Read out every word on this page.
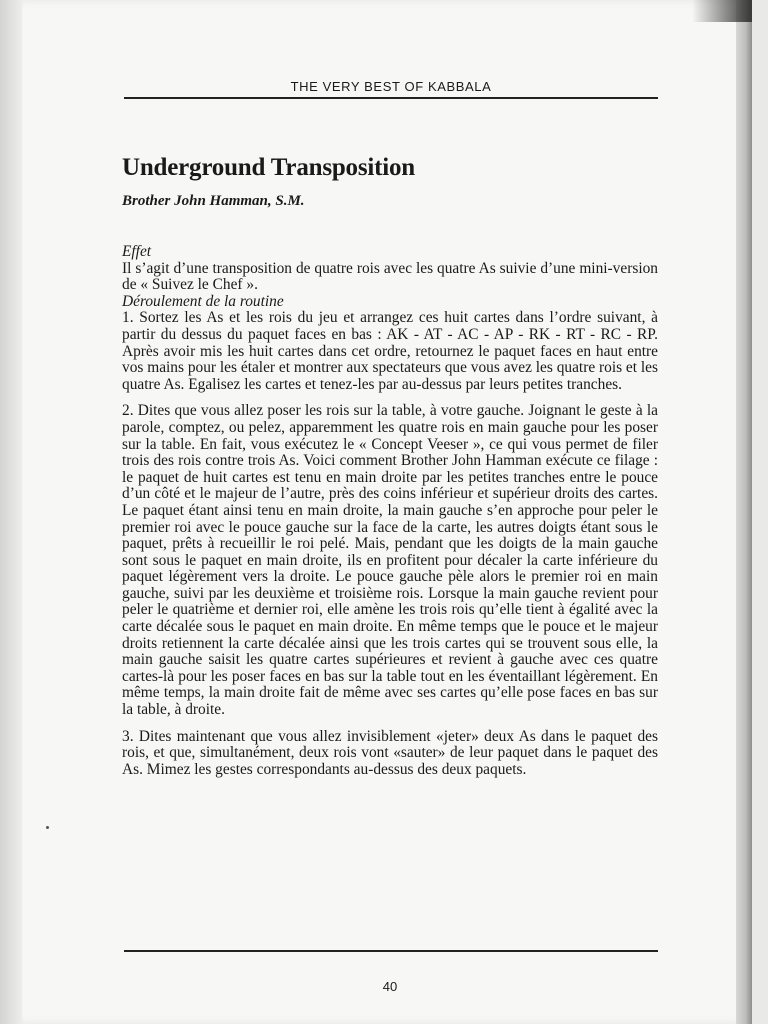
THE VERY BEST OF KABBALA
Underground Transposition
Brother John Hamman, S.M.

Effet

Il s’agit d’une transposition de quatre rois avec les quatre As suivie d’une mini-version de « Suivez le Chef ».

Déroulement de la routine

1. Sortez les As et les rois du jeu et arrangez ces huit cartes dans l’ordre suivant, à partir du dessus du paquet faces en bas : AK - AT - AC - AP - RK - RT - RC - RP. Après avoir mis les huit cartes dans cet ordre, retournez le paquet faces en haut entre vos mains pour les étaler et montrer aux spectateurs que vous avez les quatre rois et les quatre As. Egalisez les cartes et tenez-les par au-dessus par leurs petites tranches.

2. Dites que vous allez poser les rois sur la table, à votre gauche. Joignant le geste à la parole, comptez, ou pelez, apparemment les quatre rois en main gauche pour les poser sur la table. En fait, vous exécutez le « Concept Veeser », ce qui vous permet de filer trois des rois contre trois As. Voici comment Brother John Hamman exécute ce filage : le paquet de huit cartes est tenu en main droite par les petites tranches entre le pouce d’un côté et le majeur de l’autre, près des coins inférieur et supérieur droits des cartes. Le paquet étant ainsi tenu en main droite, la main gauche s’en approche pour peler le premier roi avec le pouce gauche sur la face de la carte, les autres doigts étant sous le paquet, prêts à recueillir le roi pelé. Mais, pendant que les doigts de la main gauche sont sous le paquet en main droite, ils en profitent pour décaler la carte inférieure du paquet légèrement vers la droite. Le pouce gauche pèle alors le premier roi en main gauche, suivi par les deuxième et troisième rois. Lorsque la main gauche revient pour peler le quatrième et dernier roi, elle amène les trois rois qu’elle tient à égalité avec la carte décalée sous le paquet en main droite. En même temps que le pouce et le majeur droits retiennent la carte décalée ainsi que les trois cartes qui se trouvent sous elle, la main gauche saisit les quatre cartes supérieures et revient à gauche avec ces quatre cartes-là pour les poser faces en bas sur la table tout en les éventaillant légèrement. En même temps, la main droite fait de même avec ses cartes qu’elle pose faces en bas sur la table, à droite.

3. Dites maintenant que vous allez invisiblement «jeter» deux As dans le paquet des rois, et que, simultanément, deux rois vont «sauter» de leur paquet dans le paquet des As. Mimez les gestes correspondants au-dessus des deux paquets.

40
